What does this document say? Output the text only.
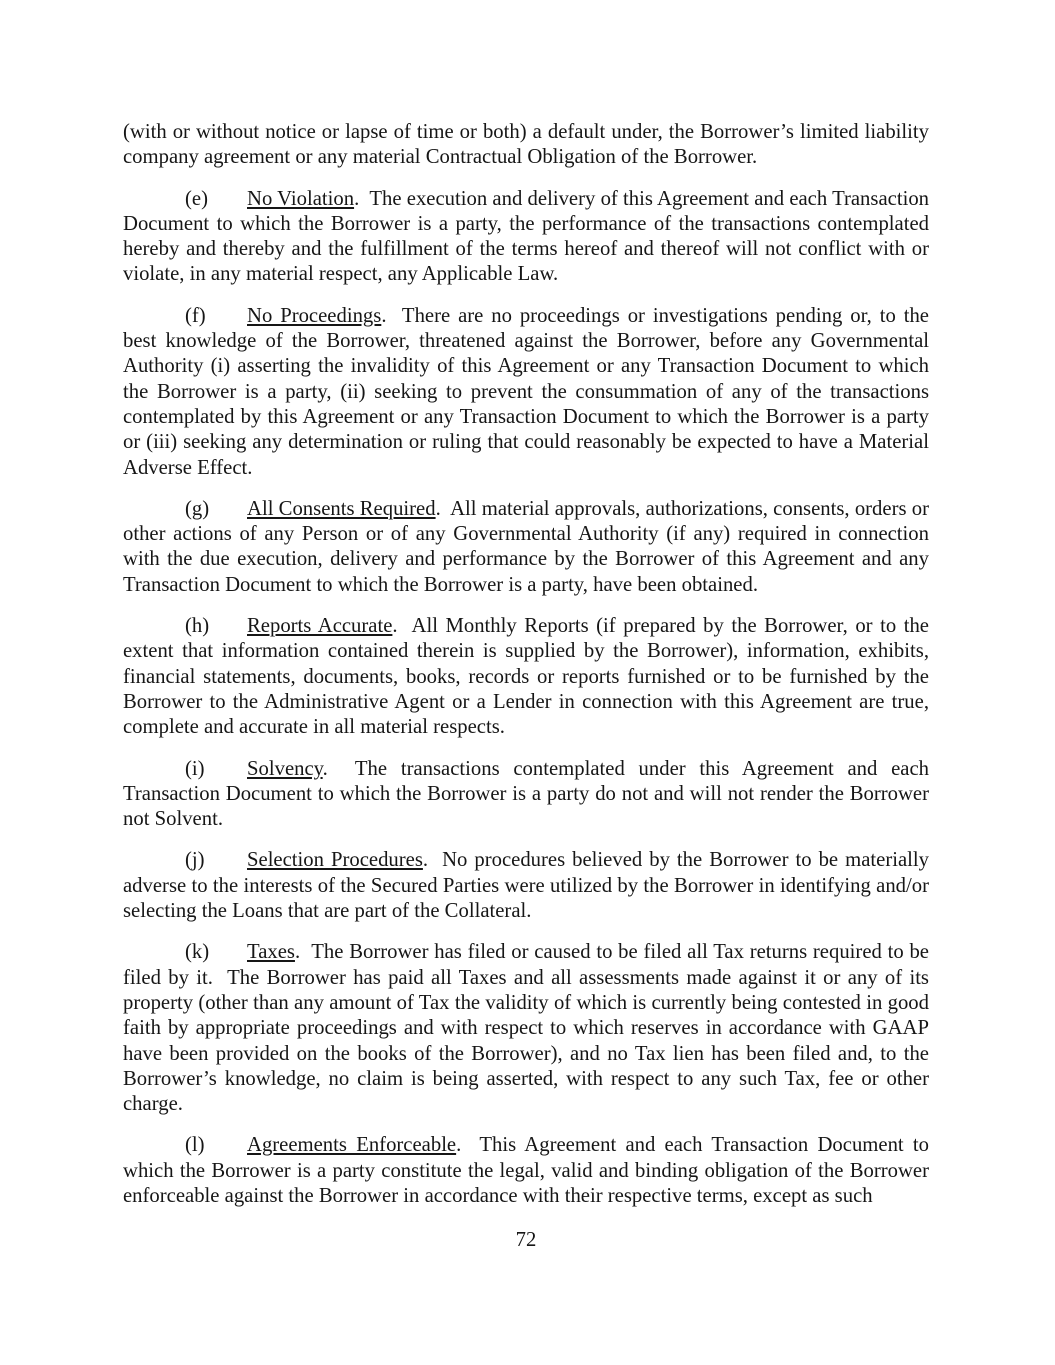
(with or without notice or lapse of time or both) a default under, the Borrower’s limited liability company agreement or any material Contractual Obligation of the Borrower.

(e) No Violation.  The execution and delivery of this Agreement and each Transaction Document to which the Borrower is a party, the performance of the transactions contemplated hereby and thereby and the fulfillment of the terms hereof and thereof will not conflict with or violate, in any material respect, any Applicable Law.

(f) No Proceedings.  There are no proceedings or investigations pending or, to the best knowledge of the Borrower, threatened against the Borrower, before any Governmental Authority (i) asserting the invalidity of this Agreement or any Transaction Document to which the Borrower is a party, (ii) seeking to prevent the consummation of any of the transactions contemplated by this Agreement or any Transaction Document to which the Borrower is a party or (iii) seeking any determination or ruling that could reasonably be expected to have a Material Adverse Effect.

(g) All Consents Required.  All material approvals, authorizations, consents, orders or other actions of any Person or of any Governmental Authority (if any) required in connection with the due execution, delivery and performance by the Borrower of this Agreement and any Transaction Document to which the Borrower is a party, have been obtained.

(h) Reports Accurate.  All Monthly Reports (if prepared by the Borrower, or to the extent that information contained therein is supplied by the Borrower), information, exhibits, financial statements, documents, books, records or reports furnished or to be furnished by the Borrower to the Administrative Agent or a Lender in connection with this Agreement are true, complete and accurate in all material respects.

(i) Solvency.  The transactions contemplated under this Agreement and each Transaction Document to which the Borrower is a party do not and will not render the Borrower not Solvent.

(j) Selection Procedures.  No procedures believed by the Borrower to be materially adverse to the interests of the Secured Parties were utilized by the Borrower in identifying and/or selecting the Loans that are part of the Collateral.

(k) Taxes.  The Borrower has filed or caused to be filed all Tax returns required to be filed by it.  The Borrower has paid all Taxes and all assessments made against it or any of its property (other than any amount of Tax the validity of which is currently being contested in good faith by appropriate proceedings and with respect to which reserves in accordance with GAAP have been provided on the books of the Borrower), and no Tax lien has been filed and, to the Borrower’s knowledge, no claim is being asserted, with respect to any such Tax, fee or other charge.

(l) Agreements Enforceable.  This Agreement and each Transaction Document to which the Borrower is a party constitute the legal, valid and binding obligation of the Borrower enforceable against the Borrower in accordance with their respective terms, except as such

72
